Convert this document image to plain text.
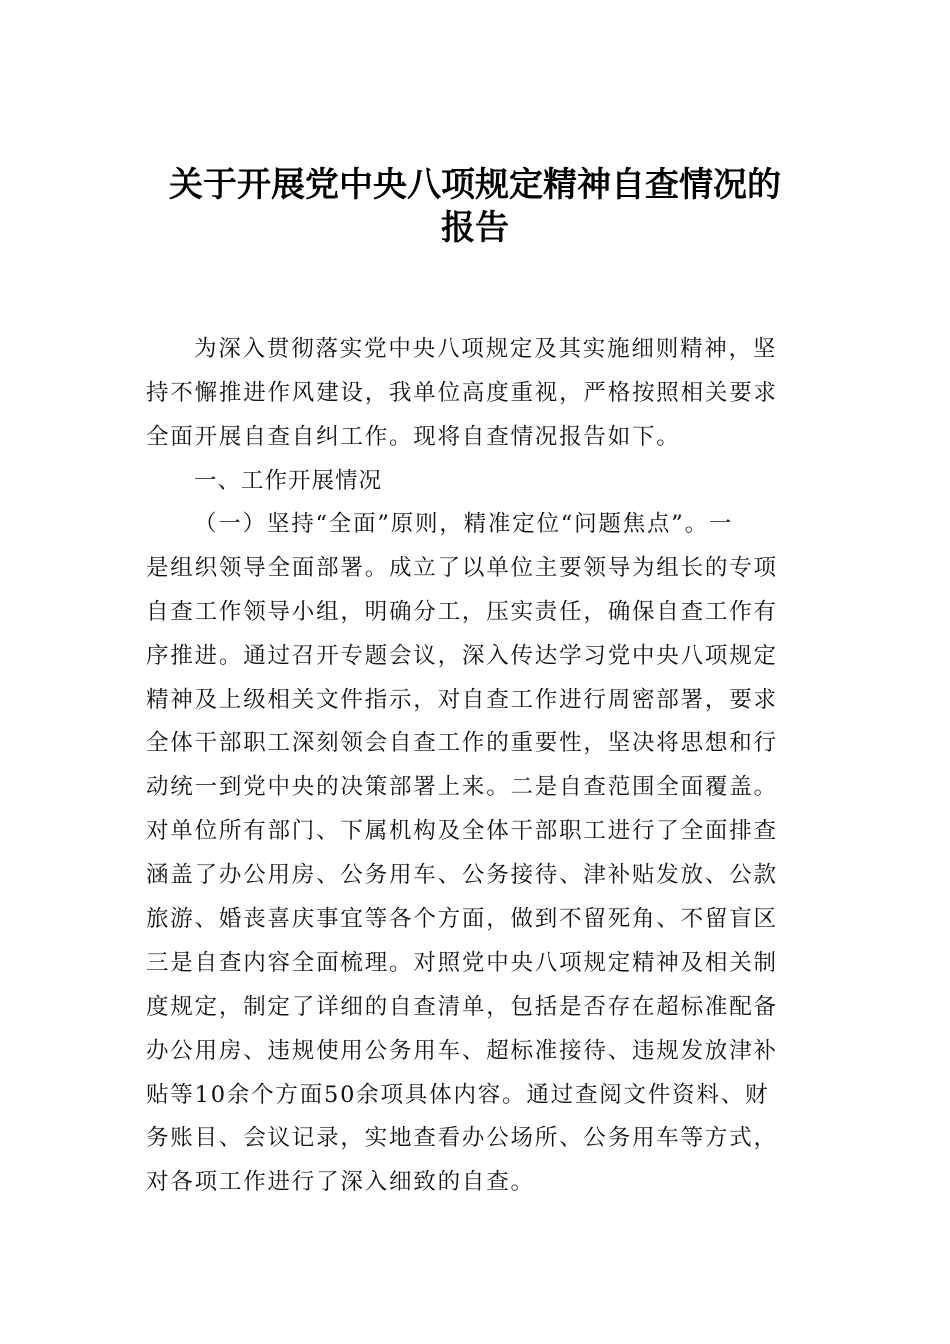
关于开展党中央八项规定精神自查情况的
报告
为深入贯彻落实党中央八项规定及其实施细则精神，坚
持不懈推进作风建设，我单位高度重视，严格按照相关要求
全面开展自查自纠工作。现将自查情况报告如下。
一、工作开展情况
（一）坚持“全面”原则，精准定位“问题焦点”。一
是组织领导全面部署。成立了以单位主要领导为组长的专项
自查工作领导小组，明确分工，压实责任，确保自查工作有
序推进。通过召开专题会议，深入传达学习党中央八项规定
精神及上级相关文件指示，对自查工作进行周密部署，要求
全体干部职工深刻领会自查工作的重要性，坚决将思想和行
动统一到党中央的决策部署上来。二是自查范围全面覆盖。
对单位所有部门、下属机构及全体干部职工进行了全面排查
涵盖了办公用房、公务用车、公务接待、津补贴发放、公款
旅游、婚丧喜庆事宜等各个方面，做到不留死角、不留盲区
三是自查内容全面梳理。对照党中央八项规定精神及相关制
度规定，制定了详细的自查清单，包括是否存在超标准配备
办公用房、违规使用公务用车、超标准接待、违规发放津补
贴等10余个方面50余项具体内容。通过查阅文件资料、财
务账目、会议记录，实地查看办公场所、公务用车等方式，
对各项工作进行了深入细致的自查。
